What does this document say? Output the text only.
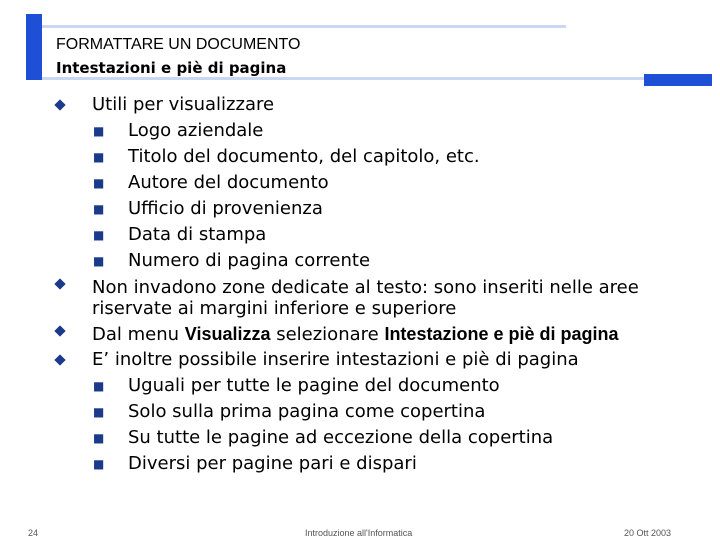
FORMATTARE UN DOCUMENTO
Intestazioni e piè di pagina
Utili per visualizzare
■ Logo aziendale
■ Titolo del documento, del capitolo, etc.
■ Autore del documento
■ Ufficio di provenienza
■ Data di stampa
■ Numero di pagina corrente
Non invadono zone dedicate al testo: sono inseriti nelle aree riservate ai margini inferiore e superiore
Dal menu Visualizza selezionare Intestazione e piè di pagina
E’ inoltre possibile inserire intestazioni e piè di pagina
■ Uguali per tutte le pagine del documento
■ Solo sulla prima pagina come copertina
■ Su tutte le pagine ad eccezione della copertina
■ Diversi per pagine pari e dispari
24	Introduzione all'Informatica	20 Ott 2003
